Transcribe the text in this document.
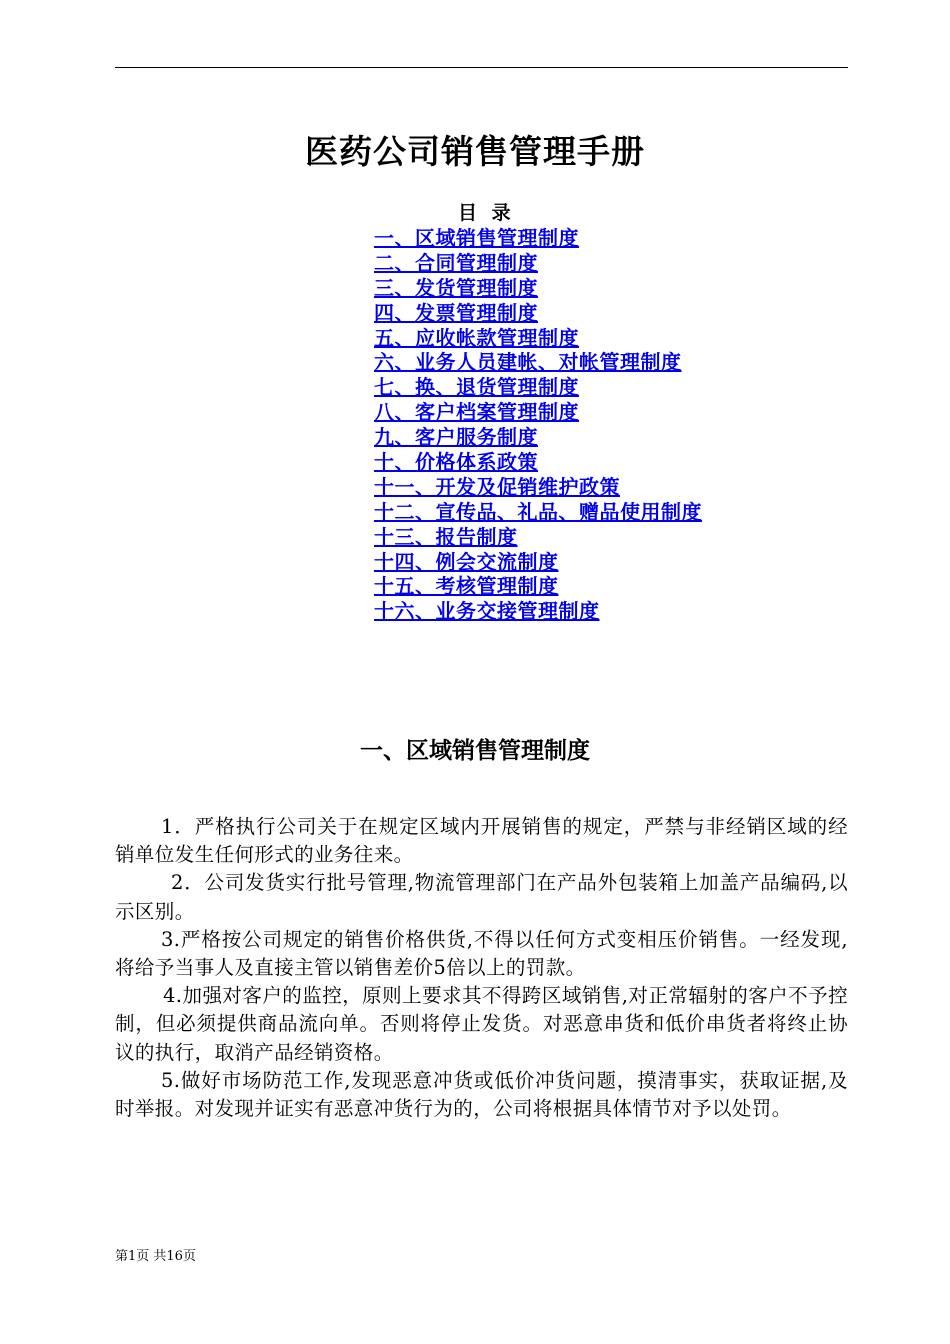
医药公司销售管理手册
目 录
一、区域销售管理制度
二、合同管理制度
三、发货管理制度
四、发票管理制度
五、应收帐款管理制度
六、业务人员建帐、对帐管理制度
七、换、退货管理制度
八、客户档案管理制度
九、客户服务制度
十、价格体系政策
十一、开发及促销维护政策
十二、宣传品、礼品、赠品使用制度
十三、报告制度
十四、例会交流制度
十五、考核管理制度
十六、业务交接管理制度
一、区域销售管理制度

1．严格执行公司关于在规定区域内开展销售的规定，严禁与非经销区域的经销单位发生任何形式的业务往来。

2．公司发货实行批号管理,物流管理部门在产品外包装箱上加盖产品编码,以示区别。

3.严格按公司规定的销售价格供货,不得以任何方式变相压价销售。一经发现,将给予当事人及直接主管以销售差价5倍以上的罚款。

4.加强对客户的监控，原则上要求其不得跨区域销售,对正常辐射的客户不予控制，但必须提供商品流向单。否则将停止发货。对恶意串货和低价串货者将终止协议的执行，取消产品经销资格。

5.做好市场防范工作,发现恶意冲货或低价冲货问题，摸清事实，获取证据,及时举报。对发现并证实有恶意冲货行为的，公司将根据具体情节对予以处罚。

第1页 共16页
